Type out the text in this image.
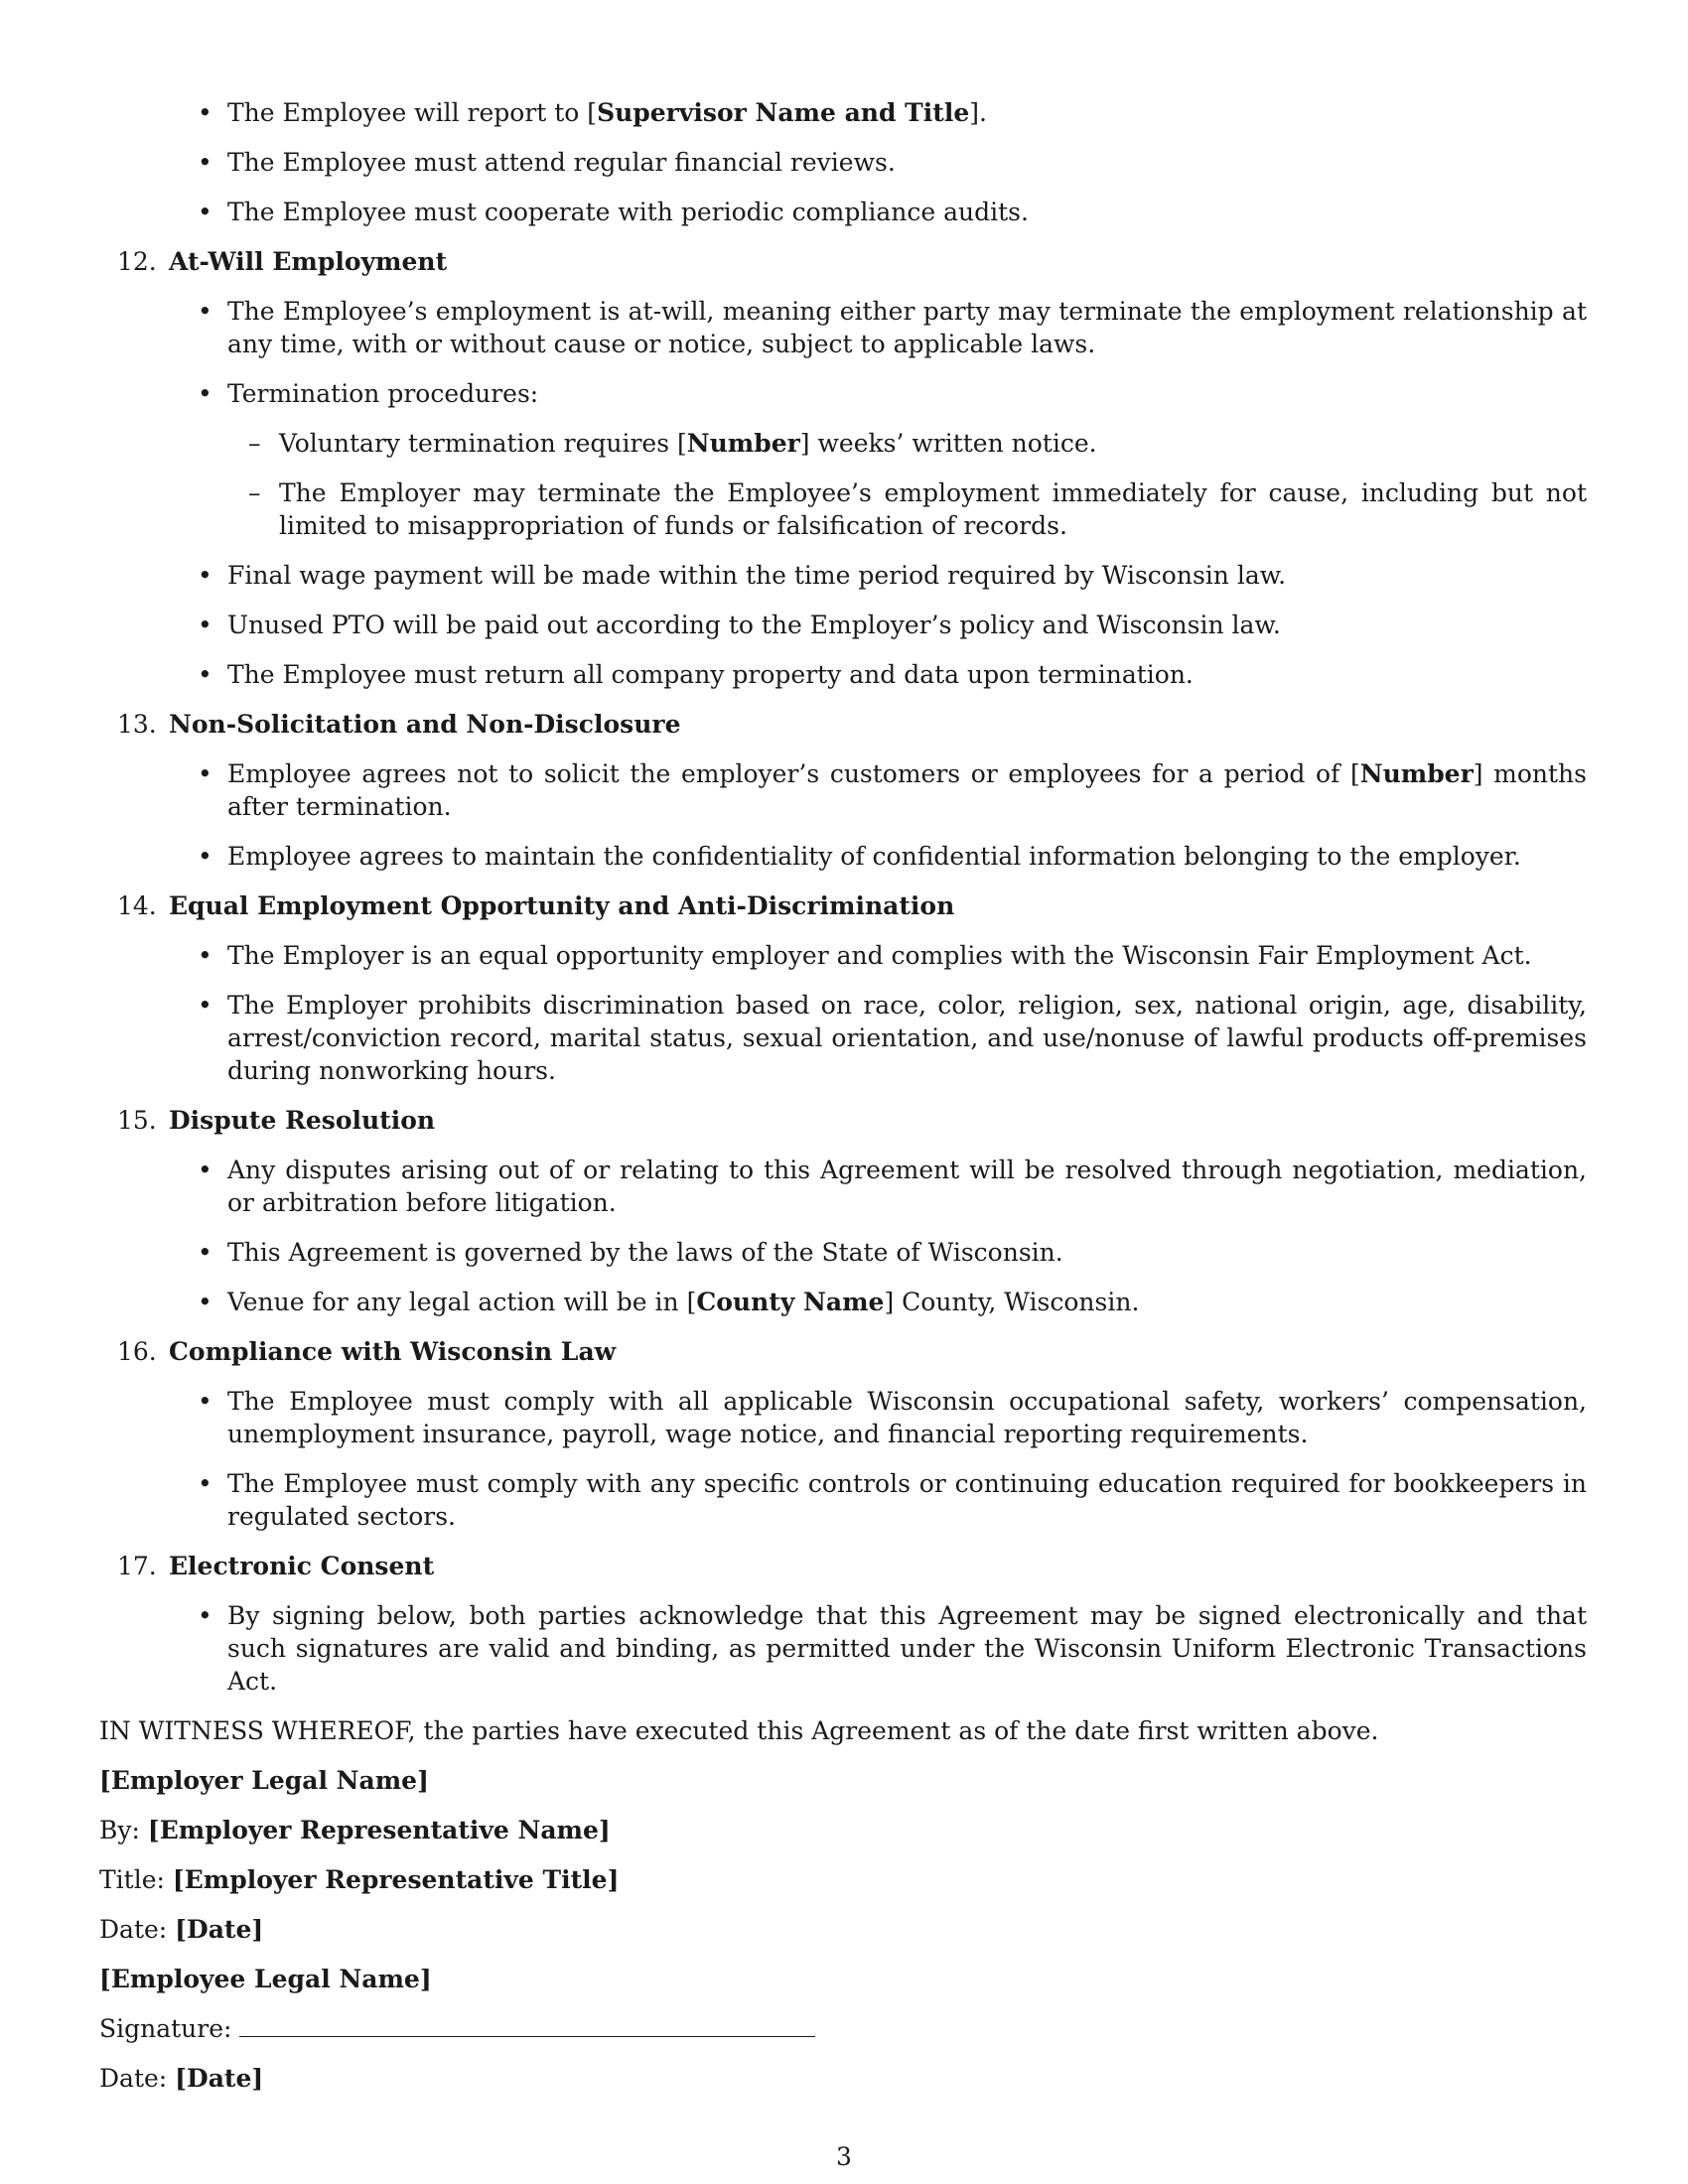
• The Employee will report to [Supervisor Name and Title].

• The Employee must attend regular financial reviews.

• The Employee must cooperate with periodic compliance audits.

12. At-Will Employment

• The Employee’s employment is at-will, meaning either party may terminate the employment relationship at any time, with or without cause or notice, subject to applicable laws.

• Termination procedures:

– Voluntary termination requires [Number] weeks’ written notice.

– The Employer may terminate the Employee’s employment immediately for cause, including but not limited to misappropriation of funds or falsification of records.

• Final wage payment will be made within the time period required by Wisconsin law.

• Unused PTO will be paid out according to the Employer’s policy and Wisconsin law.

• The Employee must return all company property and data upon termination.

13. Non-Solicitation and Non-Disclosure

• Employee agrees not to solicit the employer’s customers or employees for a period of [Number] months after termination.

• Employee agrees to maintain the confidentiality of confidential information belonging to the employer.

14. Equal Employment Opportunity and Anti-Discrimination

• The Employer is an equal opportunity employer and complies with the Wisconsin Fair Employment Act.

• The Employer prohibits discrimination based on race, color, religion, sex, national origin, age, disability, arrest/conviction record, marital status, sexual orientation, and use/nonuse of lawful products off-premises during nonworking hours.

15. Dispute Resolution

• Any disputes arising out of or relating to this Agreement will be resolved through negotiation, mediation, or arbitration before litigation.

• This Agreement is governed by the laws of the State of Wisconsin.

• Venue for any legal action will be in [County Name] County, Wisconsin.

16. Compliance with Wisconsin Law

• The Employee must comply with all applicable Wisconsin occupational safety, workers’ compensation, unemployment insurance, payroll, wage notice, and financial reporting requirements.

• The Employee must comply with any specific controls or continuing education required for bookkeepers in regulated sectors.

17. Electronic Consent

• By signing below, both parties acknowledge that this Agreement may be signed electronically and that such signatures are valid and binding, as permitted under the Wisconsin Uniform Electronic Transactions Act.

IN WITNESS WHEREOF, the parties have executed this Agreement as of the date first written above.

[Employer Legal Name]

By: [Employer Representative Name]

Title: [Employer Representative Title]

Date: [Date]

[Employee Legal Name]

Signature:

Date: [Date]

3
